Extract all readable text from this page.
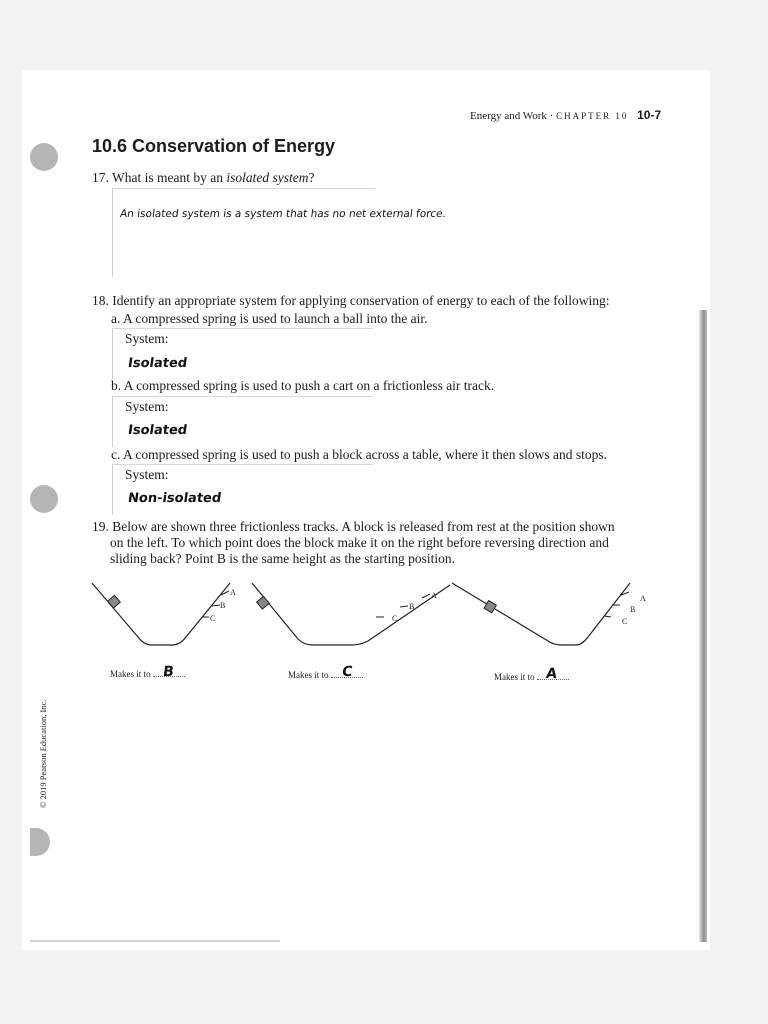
Energy and Work · CHAPTER 10 10-7
10.6 Conservation of Energy
17. What is meant by an isolated system?
An isolated system is a system that has no net external force.
18. Identify an appropriate system for applying conservation of energy to each of the following:
a. A compressed spring is used to launch a ball into the air.
System:
Isolated
b. A compressed spring is used to push a cart on a frictionless air track.
System:
Isolated
c. A compressed spring is used to push a block across a table, where it then slows and stops.
System:
Non-isolated
19. Below are shown three frictionless tracks. A block is released from rest at the position shown
on the left. To which point does the block make it on the right before reversing direction and
sliding back? Point B is the same height as the starting position.
A
B
C
A
B
C
A
B
C
Makes it to B	Makes it to C	Makes it to A
© 2019 Pearson Education, Inc.
